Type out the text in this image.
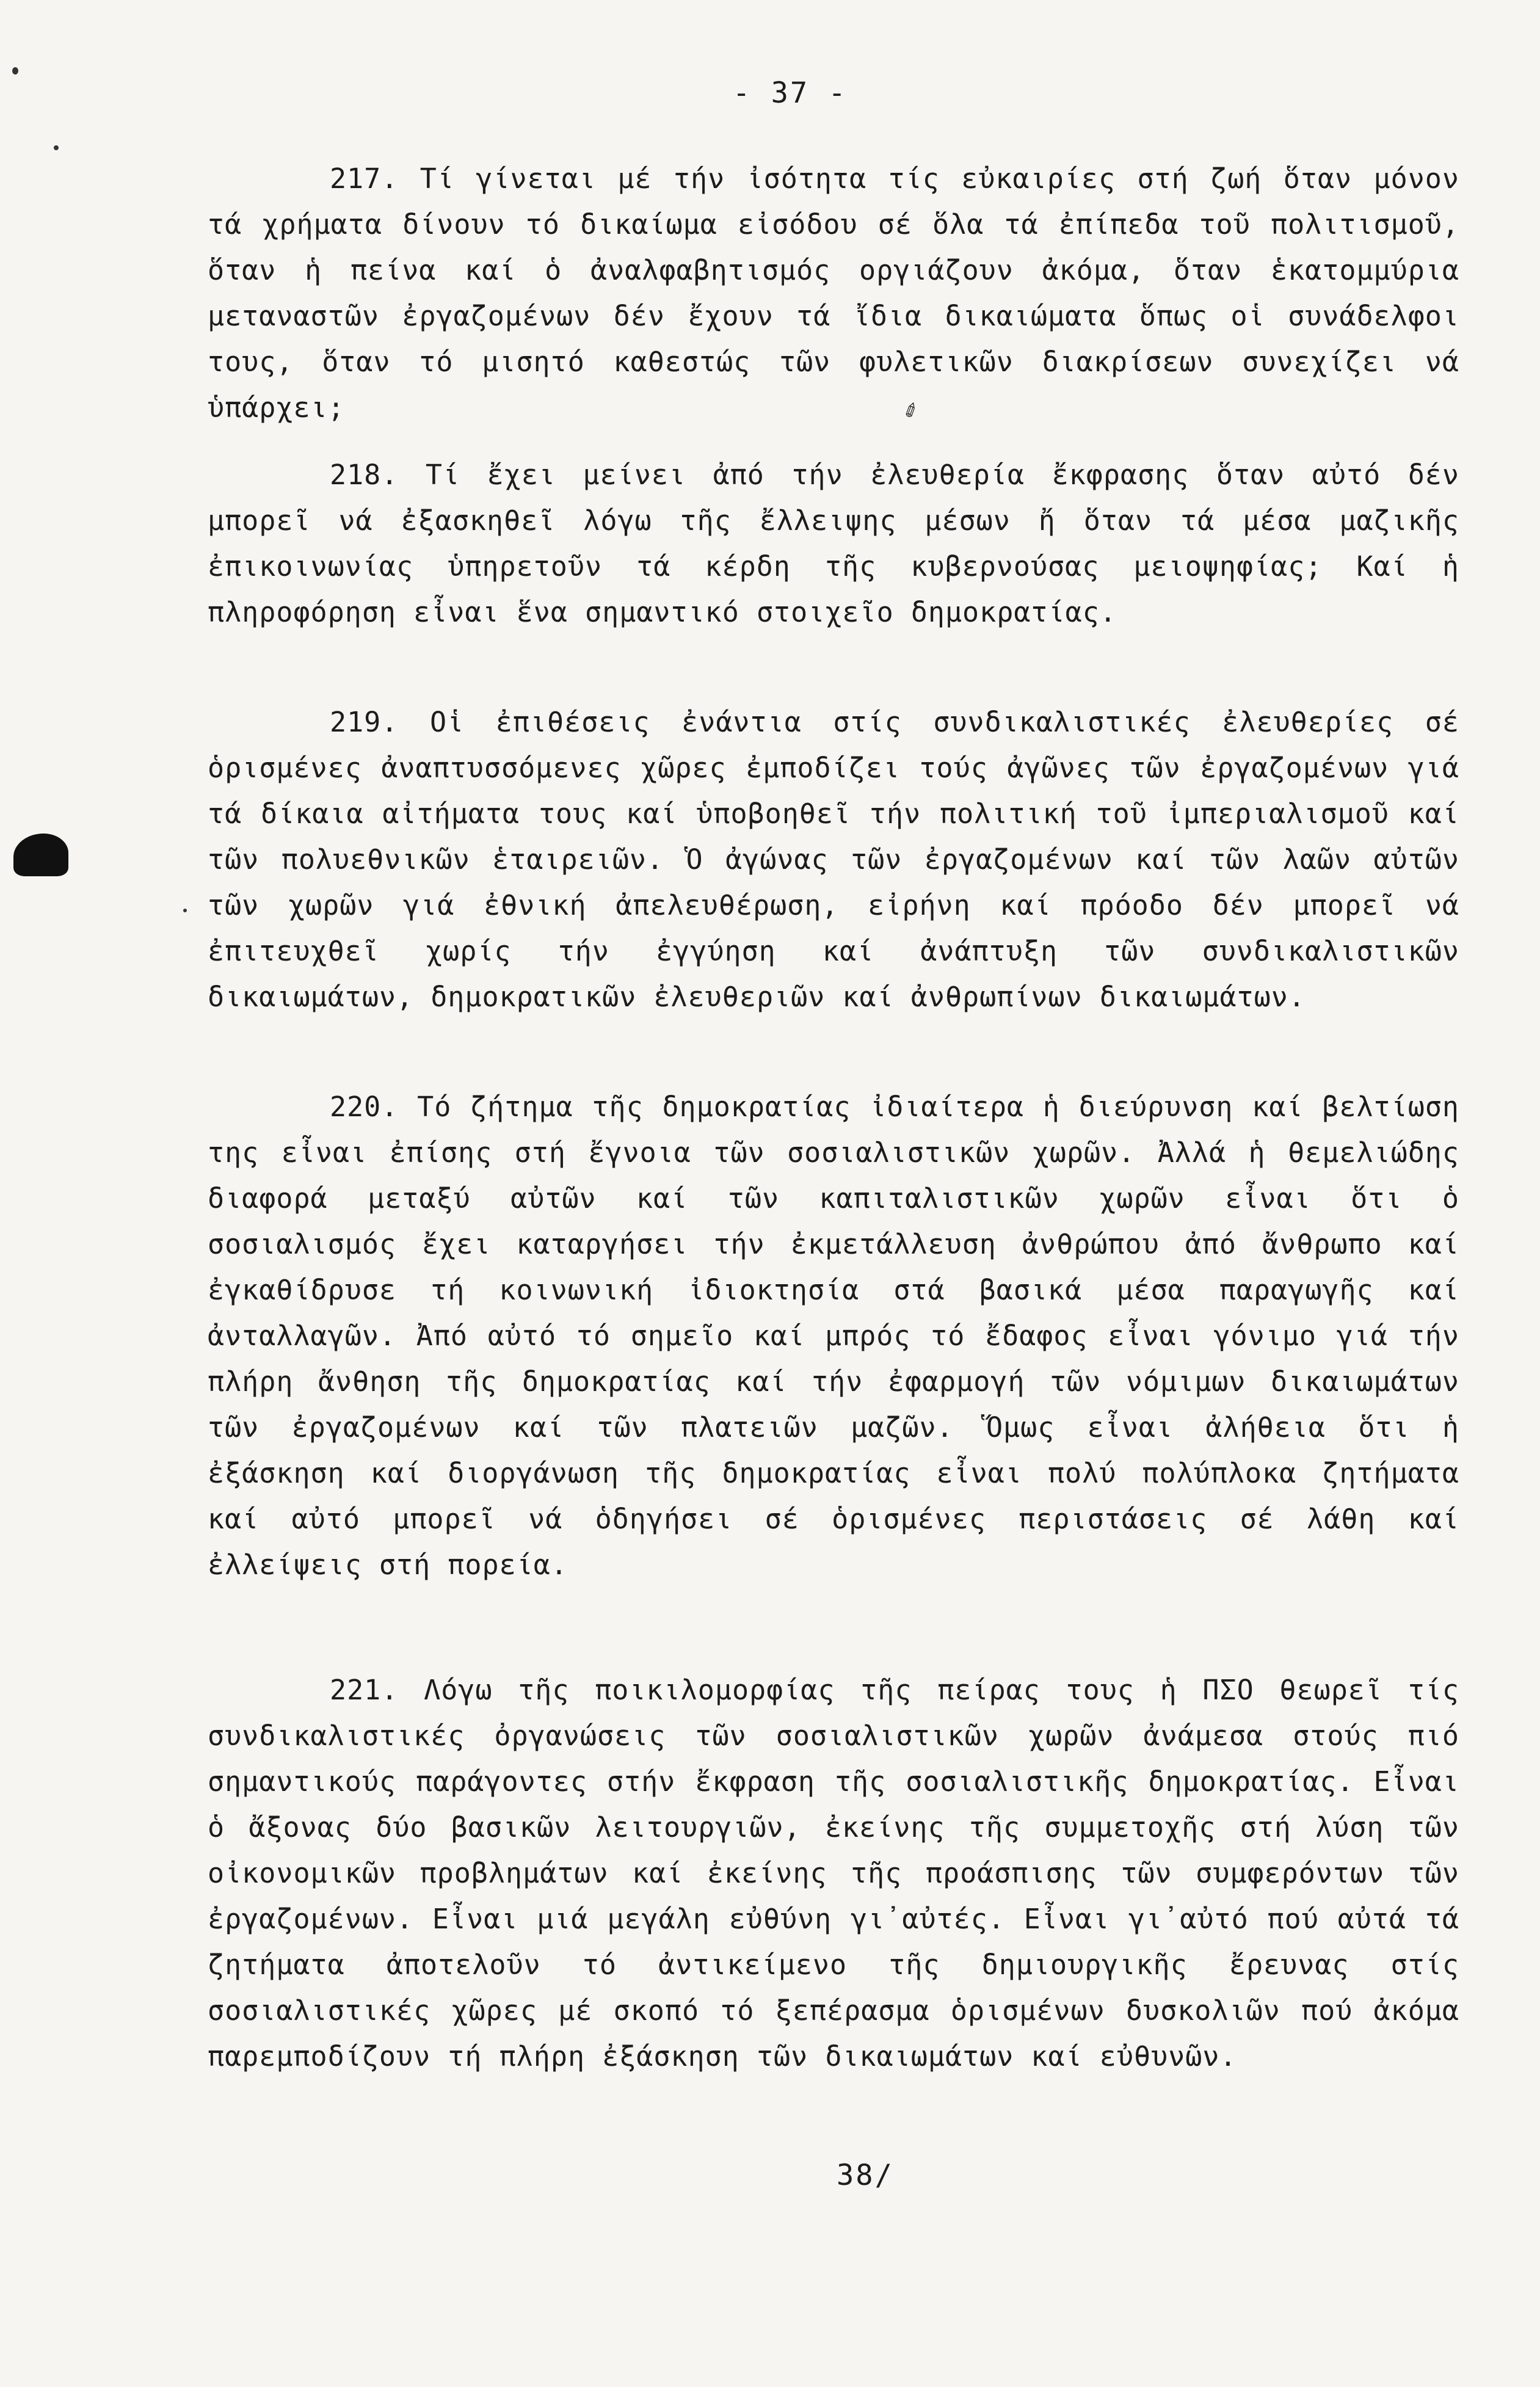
✐
- 37 -
217. Τί γίνεται μέ τήν ἰσότητα τίς εὐκαιρίες στή ζωή ὅταν μόνον τά χρήματα δίνουν τό δικαίωμα εἰσόδου σέ ὅλα τά ἐπίπεδα τοῦ πολιτισμοῦ, ὅταν ἡ πείνα καί ὁ ἀναλφαβητισμός οργιάζουν ἀκόμα, ὅταν ἑκατομμύρια μεταναστῶν ἐργαζομένων δέν ἔχουν τά ἴδια δικαιώματα ὅπως οἱ συνάδελφοι τους, ὅταν τό μισητό καθεστώς τῶν φυλετικῶν διακρίσεων συνεχίζει νά ὑπάρχει;
218. Τί ἔχει μείνει ἀπό τήν ἐλευθερία ἔκφρασης ὅταν αὐτό δέν μπορεῖ νά ἐξασκηθεῖ λόγω τῆς ἔλλειψης μέσων ἤ ὅταν τά μέσα μαζικῆς ἐπικοινωνίας ὑπηρετοῦν τά κέρδη τῆς κυβερνούσας μειοψηφίας; Καί ἡ πληροφόρηση εἶναι ἕνα σημαντικό στοιχεῖο δημοκρατίας.
219. Οἱ ἐπιθέσεις ἐνάντια στίς συνδικαλιστικές ἐλευθερίες σέ ὁρισμένες ἀναπτυσσόμενες χῶρες ἐμποδίζει τούς ἀγῶνες τῶν ἐργαζομένων γιά τά δίκαια αἰτήματα τους καί ὑποβοηθεῖ τήν πολιτική τοῦ ἰμπεριαλισμοῦ καί τῶν πολυεθνικῶν ἑταιρειῶν. Ὁ ἀγώνας τῶν ἐργαζομένων καί τῶν λαῶν αὐτῶν τῶν χωρῶν γιά ἐθνική ἀπελευθέρωση, εἰρήνη καί πρόοδο δέν μπορεῖ νά ἐπιτευχθεῖ χωρίς τήν ἐγγύηση καί ἀνάπτυξη τῶν συνδικαλιστικῶν δικαιωμάτων, δημοκρατικῶν ἐλευθεριῶν καί ἀνθρωπίνων δικαιωμάτων.
220. Τό ζήτημα τῆς δημοκρατίας ἰδιαίτερα ἡ διεύρυνση καί βελτίωση της εἶναι ἐπίσης στή ἔγνοια τῶν σοσιαλιστικῶν χωρῶν. Ἀλλά ἡ θεμελιώδης διαφορά μεταξύ αὐτῶν καί τῶν καπιταλιστικῶν χωρῶν εἶναι ὅτι ὁ σοσιαλισμός ἔχει καταργήσει τήν ἐκμετάλλευση ἀνθρώπου ἀπό ἄνθρωπο καί ἐγκαθίδρυσε τή κοινωνική ἰδιοκτησία στά βασικά μέσα παραγωγῆς καί ἀνταλλαγῶν. Ἀπό αὐτό τό σημεῖο καί μπρός τό ἔδαφος εἶναι γόνιμο γιά τήν πλήρη ἄνθηση τῆς δημοκρατίας καί τήν ἐφαρμογή τῶν νόμιμων δικαιωμάτων τῶν ἐργαζομένων καί τῶν πλατειῶν μαζῶν. Ὅμως εἶναι ἀλήθεια ὅτι ἡ ἐξάσκηση καί διοργάνωση τῆς δημοκρατίας εἶναι πολύ πολύπλοκα ζητήματα καί αὐτό μπορεῖ νά ὁδηγήσει σέ ὁρισμένες περιστάσεις σέ λάθη καί ἐλλείψεις στή πορεία.
221. Λόγω τῆς ποικιλομορφίας τῆς πείρας τους ἡ ΠΣΟ θεωρεῖ τίς συνδικαλιστικές ὀργανώσεις τῶν σοσιαλιστικῶν χωρῶν ἀνάμεσα στούς πιό σημαντικούς παράγοντες στήν ἔκφραση τῆς σοσιαλιστικῆς δημοκρατίας. Εἶναι ὁ ἄξονας δύο βασικῶν λειτουργιῶν, ἐκείνης τῆς συμμετοχῆς στή λύση τῶν οἰκονομικῶν προβλημάτων καί ἐκείνης τῆς προάσπισης τῶν συμφερόντων τῶν ἐργαζομένων. Εἶναι μιά μεγάλη εὐθύνη γι᾽αὐτές. Εἶναι γι᾽αὐτό πού αὐτά τά ζητήματα ἀποτελοῦν τό ἀντικείμενο τῆς δημιουργικῆς ἔρευνας στίς σοσιαλιστικές χῶρες μέ σκοπό τό ξεπέρασμα ὁρισμένων δυσκολιῶν πού ἀκόμα παρεμποδίζουν τή πλήρη ἐξάσκηση τῶν δικαιωμάτων καί εὐθυνῶν.
38/
